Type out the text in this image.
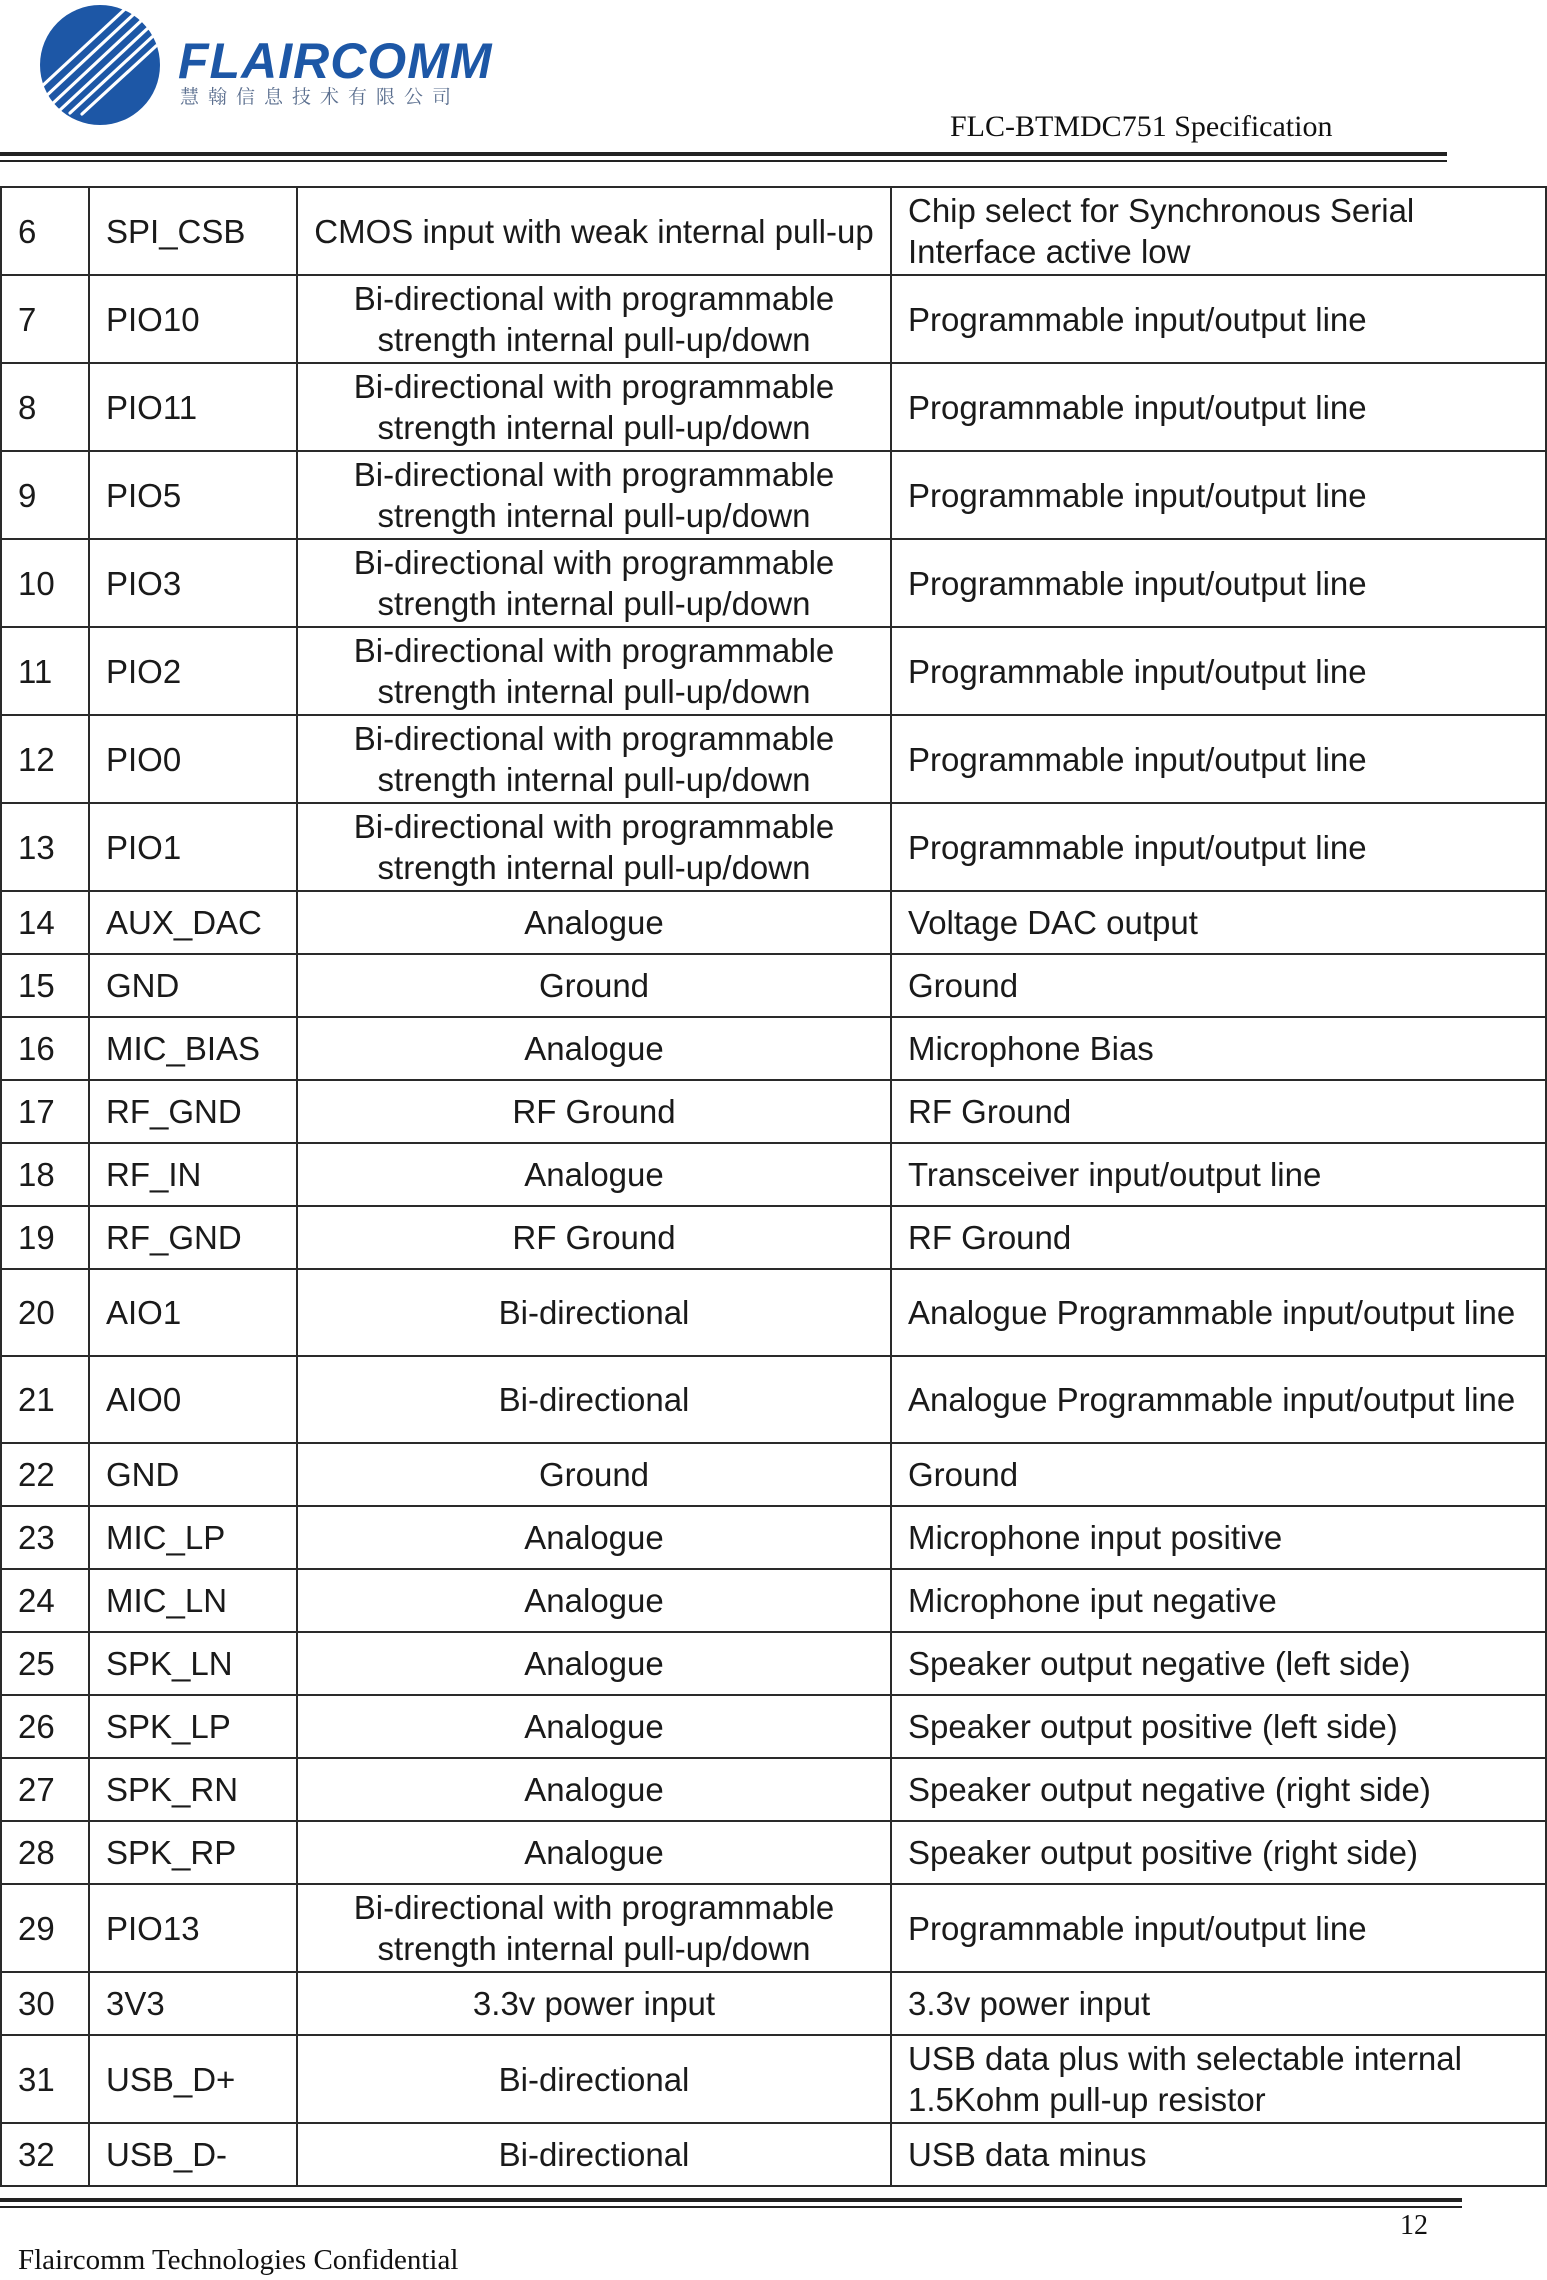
FLAIRCOMM
慧翰信息技术有限公司
FLC-BTMDC751 Specification
6	SPI_CSB	CMOS input with weak internal pull-up	Chip select for Synchronous Serial Interface active low
7	PIO10	Bi-directional with programmable strength internal pull-up/down	Programmable input/output line
8	PIO11	Bi-directional with programmable strength internal pull-up/down	Programmable input/output line
9	PIO5	Bi-directional with programmable strength internal pull-up/down	Programmable input/output line
10	PIO3	Bi-directional with programmable strength internal pull-up/down	Programmable input/output line
11	PIO2	Bi-directional with programmable strength internal pull-up/down	Programmable input/output line
12	PIO0	Bi-directional with programmable strength internal pull-up/down	Programmable input/output line
13	PIO1	Bi-directional with programmable strength internal pull-up/down	Programmable input/output line
14	AUX_DAC	Analogue	Voltage DAC output
15	GND	Ground	Ground
16	MIC_BIAS	Analogue	Microphone Bias
17	RF_GND	RF Ground	RF Ground
18	RF_IN	Analogue	Transceiver input/output line
19	RF_GND	RF Ground	RF Ground
20	AIO1	Bi-directional	Analogue Programmable input/output line
21	AIO0	Bi-directional	Analogue Programmable input/output line
22	GND	Ground	Ground
23	MIC_LP	Analogue	Microphone input positive
24	MIC_LN	Analogue	Microphone iput negative
25	SPK_LN	Analogue	Speaker output negative (left side)
26	SPK_LP	Analogue	Speaker output positive (left side)
27	SPK_RN	Analogue	Speaker output negative (right side)
28	SPK_RP	Analogue	Speaker output positive (right side)
29	PIO13	Bi-directional with programmable strength internal pull-up/down	Programmable input/output line
30	3V3	3.3v power input	3.3v power input
31	USB_D+	Bi-directional	USB data plus with selectable internal 1.5Kohm pull-up resistor
32	USB_D-	Bi-directional	USB data minus
12
Flaircomm Technologies Confidential
